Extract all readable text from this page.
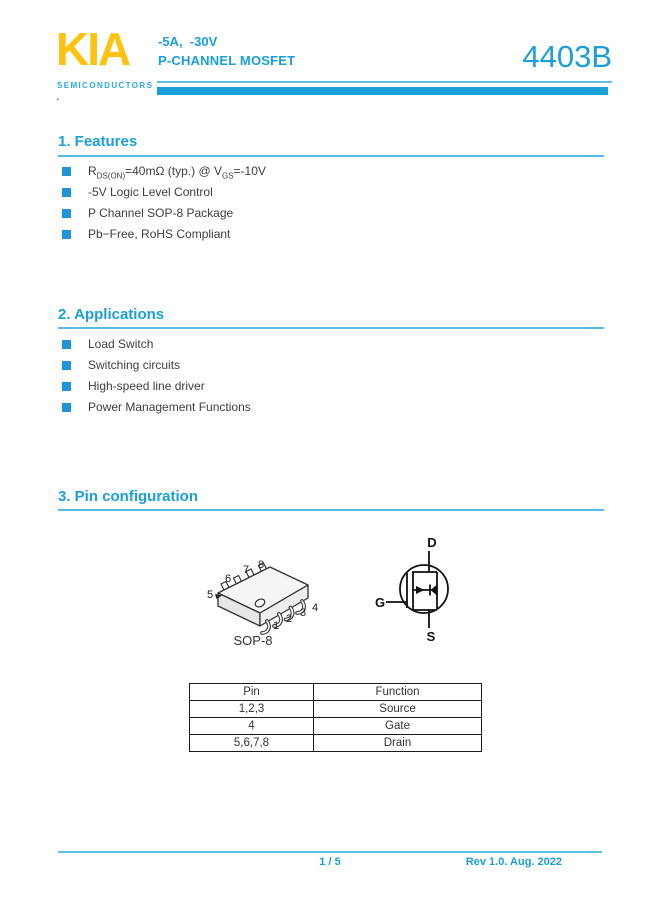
KIA
SEMICONDUCTORS
.
-5A,  -30V
P-CHANNEL MOSFET	4403B
1. Features
$R_{DS(ON)}=40m\Omega$ (typ.) @ $V_{GS}=-10V$
-5V Logic Level Control
P Channel SOP-8 Package
Pb−Free, RoHS Compliant
2. Applications
Load Switch
Switching circuits
High-speed line driver
Power Management Functions
3. Pin configuration
5
6
7 8
1
2 3 4
SOP-8
D
G
S
Pin	Function
1,2,3	Source
4	Gate
5,6,7,8	Drain
1 / 5	Rev 1.0. Aug. 2022
